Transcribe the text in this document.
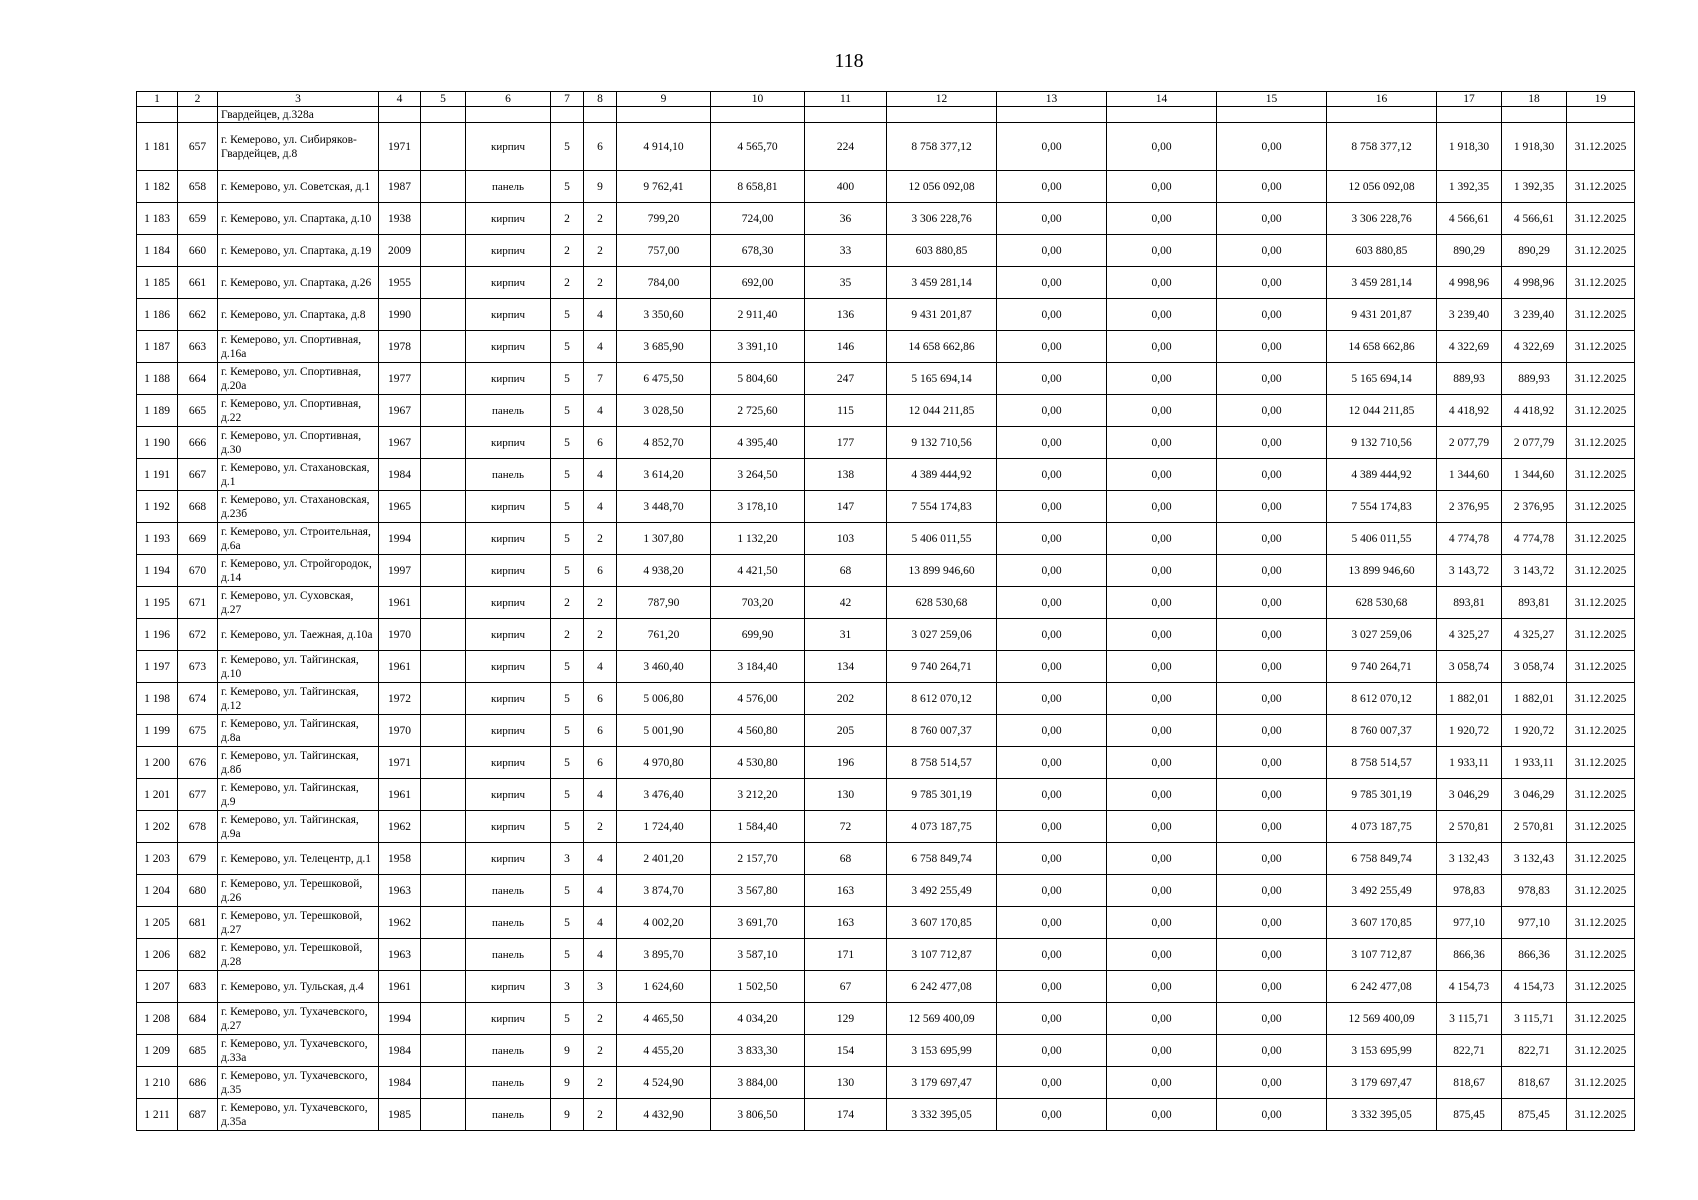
118
1	2	3	4	5	6	7	8	9	10	11	12	13	14	15	16	17	18	19
		Гвардейцев, д.328а																
1 181	657	г. Кемерово, ул. Сибиряков-Гвардейцев, д.8	1971		кирпич	5	6	4 914,10	4 565,70	224	8 758 377,12	0,00	0,00	0,00	8 758 377,12	1 918,30	1 918,30	31.12.2025
1 182	658	г. Кемерово, ул. Советская, д.1	1987		панель	5	9	9 762,41	8 658,81	400	12 056 092,08	0,00	0,00	0,00	12 056 092,08	1 392,35	1 392,35	31.12.2025
1 183	659	г. Кемерово, ул. Спартака, д.10	1938		кирпич	2	2	799,20	724,00	36	3 306 228,76	0,00	0,00	0,00	3 306 228,76	4 566,61	4 566,61	31.12.2025
1 184	660	г. Кемерово, ул. Спартака, д.19	2009		кирпич	2	2	757,00	678,30	33	603 880,85	0,00	0,00	0,00	603 880,85	890,29	890,29	31.12.2025
1 185	661	г. Кемерово, ул. Спартака, д.26	1955		кирпич	2	2	784,00	692,00	35	3 459 281,14	0,00	0,00	0,00	3 459 281,14	4 998,96	4 998,96	31.12.2025
1 186	662	г. Кемерово, ул. Спартака, д.8	1990		кирпич	5	4	3 350,60	2 911,40	136	9 431 201,87	0,00	0,00	0,00	9 431 201,87	3 239,40	3 239,40	31.12.2025
1 187	663	г. Кемерово, ул. Спортивная, д.16а	1978		кирпич	5	4	3 685,90	3 391,10	146	14 658 662,86	0,00	0,00	0,00	14 658 662,86	4 322,69	4 322,69	31.12.2025
1 188	664	г. Кемерово, ул. Спортивная, д.20а	1977		кирпич	5	7	6 475,50	5 804,60	247	5 165 694,14	0,00	0,00	0,00	5 165 694,14	889,93	889,93	31.12.2025
1 189	665	г. Кемерово, ул. Спортивная, д.22	1967		панель	5	4	3 028,50	2 725,60	115	12 044 211,85	0,00	0,00	0,00	12 044 211,85	4 418,92	4 418,92	31.12.2025
1 190	666	г. Кемерово, ул. Спортивная, д.30	1967		кирпич	5	6	4 852,70	4 395,40	177	9 132 710,56	0,00	0,00	0,00	9 132 710,56	2 077,79	2 077,79	31.12.2025
1 191	667	г. Кемерово, ул. Стахановская, д.1	1984		панель	5	4	3 614,20	3 264,50	138	4 389 444,92	0,00	0,00	0,00	4 389 444,92	1 344,60	1 344,60	31.12.2025
1 192	668	г. Кемерово, ул. Стахановская, д.23б	1965		кирпич	5	4	3 448,70	3 178,10	147	7 554 174,83	0,00	0,00	0,00	7 554 174,83	2 376,95	2 376,95	31.12.2025
1 193	669	г. Кемерово, ул. Строительная, д.6а	1994		кирпич	5	2	1 307,80	1 132,20	103	5 406 011,55	0,00	0,00	0,00	5 406 011,55	4 774,78	4 774,78	31.12.2025
1 194	670	г. Кемерово, ул. Стройгородок, д.14	1997		кирпич	5	6	4 938,20	4 421,50	68	13 899 946,60	0,00	0,00	0,00	13 899 946,60	3 143,72	3 143,72	31.12.2025
1 195	671	г. Кемерово, ул. Суховская, д.27	1961		кирпич	2	2	787,90	703,20	42	628 530,68	0,00	0,00	0,00	628 530,68	893,81	893,81	31.12.2025
1 196	672	г. Кемерово, ул. Таежная, д.10а	1970		кирпич	2	2	761,20	699,90	31	3 027 259,06	0,00	0,00	0,00	3 027 259,06	4 325,27	4 325,27	31.12.2025
1 197	673	г. Кемерово, ул. Тайгинская, д.10	1961		кирпич	5	4	3 460,40	3 184,40	134	9 740 264,71	0,00	0,00	0,00	9 740 264,71	3 058,74	3 058,74	31.12.2025
1 198	674	г. Кемерово, ул. Тайгинская, д.12	1972		кирпич	5	6	5 006,80	4 576,00	202	8 612 070,12	0,00	0,00	0,00	8 612 070,12	1 882,01	1 882,01	31.12.2025
1 199	675	г. Кемерово, ул. Тайгинская, д.8а	1970		кирпич	5	6	5 001,90	4 560,80	205	8 760 007,37	0,00	0,00	0,00	8 760 007,37	1 920,72	1 920,72	31.12.2025
1 200	676	г. Кемерово, ул. Тайгинская, д.8б	1971		кирпич	5	6	4 970,80	4 530,80	196	8 758 514,57	0,00	0,00	0,00	8 758 514,57	1 933,11	1 933,11	31.12.2025
1 201	677	г. Кемерово, ул. Тайгинская, д.9	1961		кирпич	5	4	3 476,40	3 212,20	130	9 785 301,19	0,00	0,00	0,00	9 785 301,19	3 046,29	3 046,29	31.12.2025
1 202	678	г. Кемерово, ул. Тайгинская, д.9а	1962		кирпич	5	2	1 724,40	1 584,40	72	4 073 187,75	0,00	0,00	0,00	4 073 187,75	2 570,81	2 570,81	31.12.2025
1 203	679	г. Кемерово, ул. Телецентр, д.1	1958		кирпич	3	4	2 401,20	2 157,70	68	6 758 849,74	0,00	0,00	0,00	6 758 849,74	3 132,43	3 132,43	31.12.2025
1 204	680	г. Кемерово, ул. Терешковой, д.26	1963		панель	5	4	3 874,70	3 567,80	163	3 492 255,49	0,00	0,00	0,00	3 492 255,49	978,83	978,83	31.12.2025
1 205	681	г. Кемерово, ул. Терешковой, д.27	1962		панель	5	4	4 002,20	3 691,70	163	3 607 170,85	0,00	0,00	0,00	3 607 170,85	977,10	977,10	31.12.2025
1 206	682	г. Кемерово, ул. Терешковой, д.28	1963		панель	5	4	3 895,70	3 587,10	171	3 107 712,87	0,00	0,00	0,00	3 107 712,87	866,36	866,36	31.12.2025
1 207	683	г. Кемерово, ул. Тульская, д.4	1961		кирпич	3	3	1 624,60	1 502,50	67	6 242 477,08	0,00	0,00	0,00	6 242 477,08	4 154,73	4 154,73	31.12.2025
1 208	684	г. Кемерово, ул. Тухачевского, д.27	1994		кирпич	5	2	4 465,50	4 034,20	129	12 569 400,09	0,00	0,00	0,00	12 569 400,09	3 115,71	3 115,71	31.12.2025
1 209	685	г. Кемерово, ул. Тухачевского, д.33а	1984		панель	9	2	4 455,20	3 833,30	154	3 153 695,99	0,00	0,00	0,00	3 153 695,99	822,71	822,71	31.12.2025
1 210	686	г. Кемерово, ул. Тухачевского, д.35	1984		панель	9	2	4 524,90	3 884,00	130	3 179 697,47	0,00	0,00	0,00	3 179 697,47	818,67	818,67	31.12.2025
1 211	687	г. Кемерово, ул. Тухачевского, д.35а	1985		панель	9	2	4 432,90	3 806,50	174	3 332 395,05	0,00	0,00	0,00	3 332 395,05	875,45	875,45	31.12.2025
